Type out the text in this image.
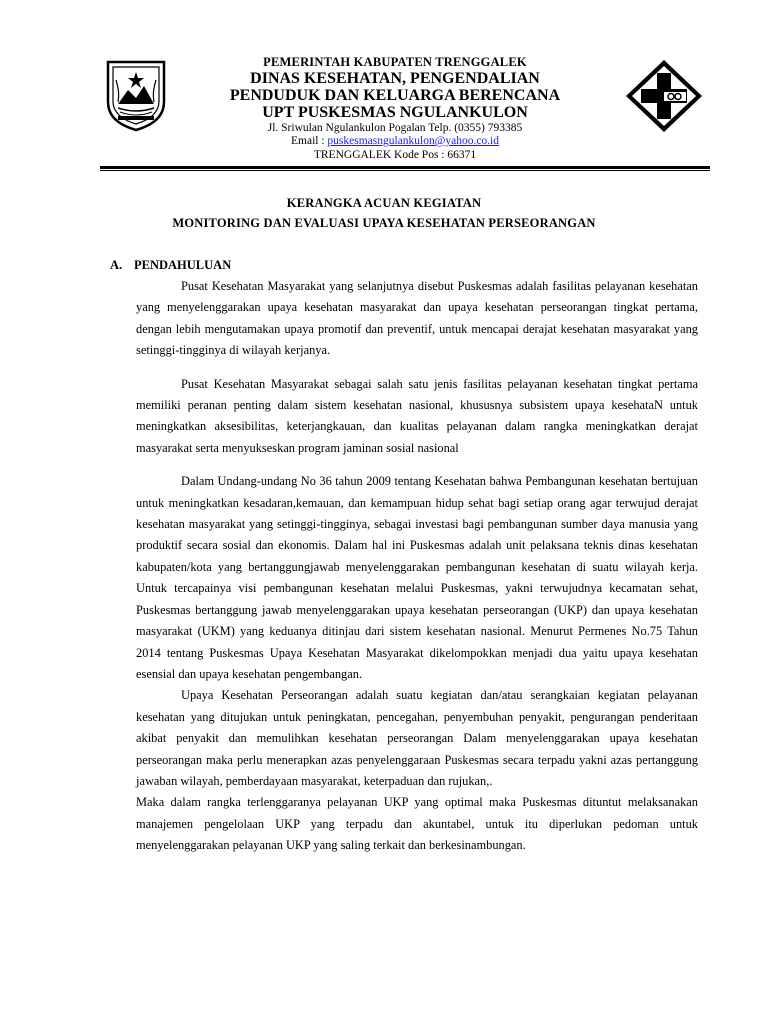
PEMERINTAH KABUPATEN TRENGGALEK
DINAS KESEHATAN, PENGENDALIAN
PENDUDUK DAN KELUARGA BERENCANA
UPT PUSKESMAS NGULANKULON
Jl. Sriwulan Ngulankulon Pogalan Telp. (0355) 793385
Email : puskesmasngulankulon@yahoo.co.id
TRENGGALEK Kode Pos : 66371
KERANGKA ACUAN KEGIATAN
MONITORING DAN EVALUASI UPAYA KESEHATAN PERSEORANGAN
A. PENDAHULUAN

Pusat Kesehatan Masyarakat yang selanjutnya disebut Puskesmas adalah fasilitas pelayanan kesehatan yang menyelenggarakan upaya kesehatan masyarakat dan upaya kesehatan perseorangan tingkat pertama, dengan lebih mengutamakan upaya promotif dan preventif, untuk mencapai derajat kesehatan masyarakat yang setinggi-tingginya di wilayah kerjanya.

Pusat Kesehatan Masyarakat sebagai salah satu jenis fasilitas pelayanan kesehatan tingkat pertama memiliki peranan penting dalam sistem kesehatan nasional, khususnya subsistem upaya kesehataN untuk meningkatkan aksesibilitas, keterjangkauan, dan kualitas pelayanan dalam rangka meningkatkan derajat masyarakat serta menyukseskan program jaminan sosial nasional

Dalam Undang-undang No 36 tahun 2009 tentang Kesehatan bahwa Pembangunan kesehatan bertujuan untuk meningkatkan kesadaran,kemauan, dan kemampuan hidup sehat bagi setiap orang agar terwujud derajat kesehatan masyarakat yang setinggi-tingginya, sebagai investasi bagi pembangunan sumber daya manusia yang produktif secara sosial dan ekonomis. Dalam hal ini Puskesmas adalah unit pelaksana teknis dinas kesehatan kabupaten/kota yang bertanggungjawab menyelenggarakan pembangunan kesehatan di suatu wilayah kerja. Untuk tercapainya visi pembangunan kesehatan melalui Puskesmas, yakni terwujudnya kecamatan sehat, Puskesmas bertanggung jawab menyelenggarakan upaya kesehatan perseorangan (UKP) dan upaya kesehatan masyarakat (UKM) yang keduanya ditinjau dari sistem kesehatan nasional. Menurut Permenes No.75 Tahun 2014 tentang Puskesmas Upaya Kesehatan Masyarakat dikelompokkan menjadi dua yaitu upaya kesehatan esensial dan upaya kesehatan pengembangan.

Upaya Kesehatan Perseorangan adalah suatu kegiatan dan/atau serangkaian kegiatan pelayanan kesehatan yang ditujukan untuk peningkatan, pencegahan, penyembuhan penyakit, pengurangan penderitaan akibat penyakit dan memulihkan kesehatan perseorangan Dalam menyelenggarakan upaya kesehatan perseorangan maka perlu menerapkan azas penyelenggaraan Puskesmas secara terpadu yakni azas pertanggung jawaban wilayah, pemberdayaan masyarakat, keterpaduan dan rujukan,.

Maka dalam rangka terlenggaranya pelayanan UKP yang optimal maka Puskesmas dituntut melaksanakan manajemen pengelolaan UKP yang terpadu dan akuntabel, untuk itu diperlukan pedoman untuk menyelenggarakan pelayanan UKP yang saling terkait dan berkesinambungan.
